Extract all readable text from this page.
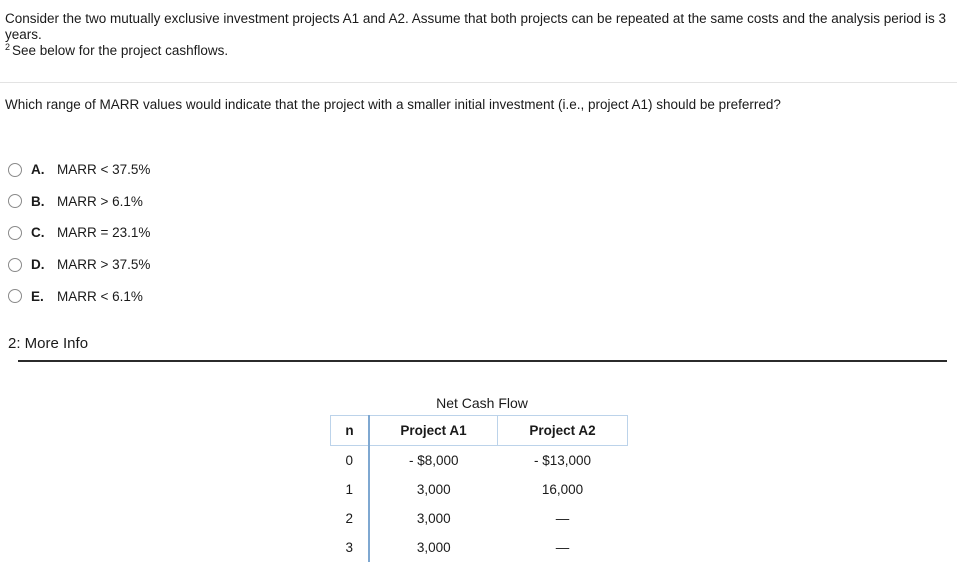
Consider the two mutually exclusive investment projects A1 and A2. Assume that both projects can be repeated at the same costs and the analysis period is 3 years.
$^2$ See below for the project cashflows.
Which range of MARR values would indicate that the project with a smaller initial investment (i.e., project A1) should be preferred?
A. MARR < 37.5%
B. MARR > 6.1%
C. MARR = 23.1%
D. MARR > 37.5%
E. MARR < 6.1%
2: More Info
Net Cash Flow
n	Project A1	Project A2
0	- $8,000	- $13,000
1	3,000	16,000
2	3,000	—
3	3,000	—
